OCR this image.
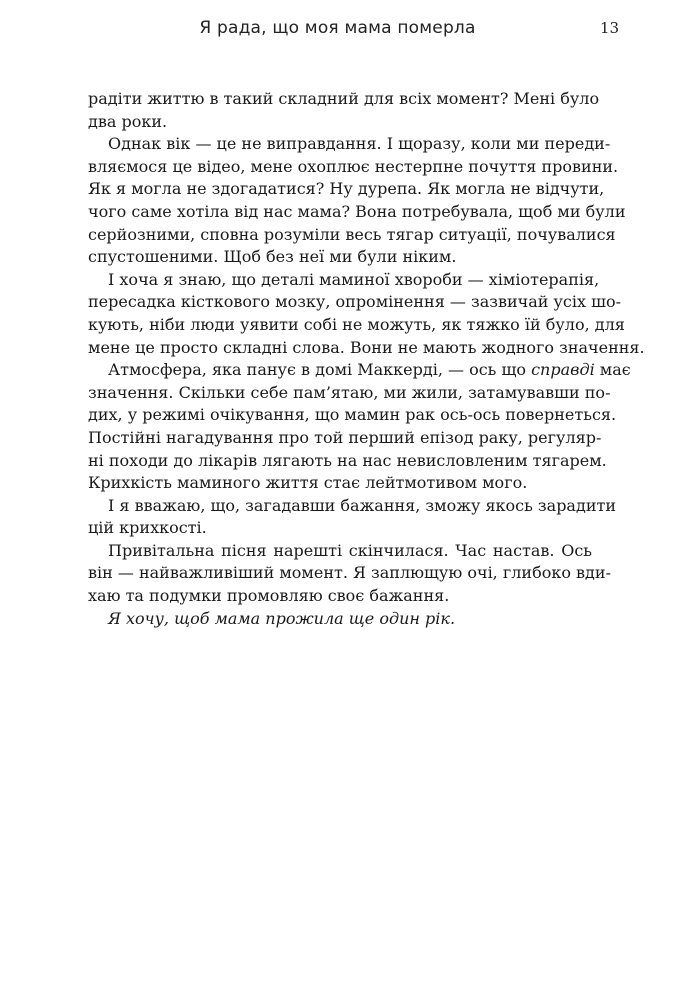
Я рада, що моя мама померла	13
радіти життю в такий складний для всіх момент? Мені було
два роки.
Однак вік — це не виправдання. І щоразу, коли ми переди-
вляємося це відео, мене охоплює нестерпне почуття провини.
Як я могла не здогадатися? Ну дурепа. Як могла не відчути,
чого саме хотіла від нас мама? Вона потребувала, щоб ми були
серйозними, сповна розуміли весь тягар ситуації, почувалися
спустошеними. Щоб без неї ми були ніким.
І хоча я знаю, що деталі маминої хвороби — хіміотерапія,
пересадка кісткового мозку, опромінення — зазвичай усіх шо-
кують, ніби люди уявити собі не можуть, як тяжко їй було, для
мене це просто складні слова. Вони не мають жодного значення.
Атмосфера, яка панує в домі Маккерді, — ось що справді має
значення. Скільки себе пам’ятаю, ми жили, затамувавши по-
дих, у режимі очікування, що мамин рак ось-ось повернеться.
Постійні нагадування про той перший епізод раку, регуляр-
ні походи до лікарів лягають на нас невисловленим тягарем.
Крихкість маминого життя стає лейтмотивом мого.
І я вважаю, що, загадавши бажання, зможу якось зарадити
цій крихкості.
Привітальна пісня нарешті скінчилася. Час настав. Ось
він — найважливіший момент. Я заплющую очі, глибоко вди-
хаю та подумки промовляю своє бажання.
Я хочу, щоб мама прожила ще один рік.
